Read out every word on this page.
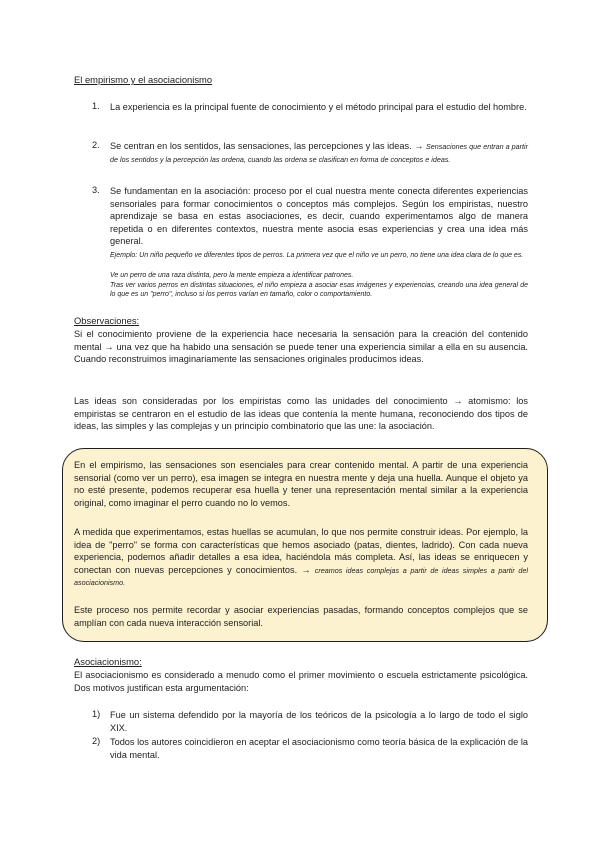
El empirismo y el asociacionismo
1. La experiencia es la principal fuente de conocimiento y el método principal para el estudio del hombre.
2. Se centran en los sentidos, las sensaciones, las percepciones y las ideas. → Sensaciones que entran a partir de los sentidos y la percepción las ordena, cuando las ordena se clasifican en forma de conceptos e ideas.
3. Se fundamentan en la asociación: proceso por el cual nuestra mente conecta diferentes experiencias sensoriales para formar conocimientos o conceptos más complejos. Según los empiristas, nuestro aprendizaje se basa en estas asociaciones, es decir, cuando experimentamos algo de manera repetida o en diferentes contextos, nuestra mente asocia esas experiencias y crea una idea más general.
Ejemplo: Un niño pequeño ve diferentes tipos de perros. La primera vez que el niño ve un perro, no tiene una idea clara de lo que es.
Ve un perro de una raza distinta, pero la mente empieza a identificar patrones.
Tras ver varios perros en distintas situaciones, el niño empieza a asociar esas imágenes y experiencias, creando una idea general de lo que es un "perro", incluso si los perros varían en tamaño, color o comportamiento.
Observaciones:
Si el conocimiento proviene de la experiencia hace necesaria la sensación para la creación del contenido mental → una vez que ha habido una sensación se puede tener una experiencia similar a ella en su ausencia. Cuando reconstruimos imaginariamente las sensaciones originales producimos ideas.
Las ideas son consideradas por los empiristas como las unidades del conocimiento → atomismo: los empiristas se centraron en el estudio de las ideas que contenía la mente humana, reconociendo dos tipos de ideas, las simples y las complejas y un principio combinatorio que las une: la asociación.
En el empirismo, las sensaciones son esenciales para crear contenido mental. A partir de una experiencia sensorial (como ver un perro), esa imagen se integra en nuestra mente y deja una huella. Aunque el objeto ya no esté presente, podemos recuperar esa huella y tener una representación mental similar a la experiencia original, como imaginar el perro cuando no lo vemos.
A medida que experimentamos, estas huellas se acumulan, lo que nos permite construir ideas. Por ejemplo, la idea de "perro" se forma con características que hemos asociado (patas, dientes, ladrido). Con cada nueva experiencia, podemos añadir detalles a esa idea, haciéndola más completa. Así, las ideas se enriquecen y conectan con nuevas percepciones y conocimientos. → creamos ideas complejas a partir de ideas simples a partir del asociacionismo.
Este proceso nos permite recordar y asociar experiencias pasadas, formando conceptos complejos que se amplían con cada nueva interacción sensorial.
Asociacionismo:
El asociacionismo es considerado a menudo como el primer movimiento o escuela estrictamente psicológica. Dos motivos justifican esta argumentación:
1) Fue un sistema defendido por la mayoría de los teóricos de la psicología a lo largo de todo el siglo XIX.
2) Todos los autores coincidieron en aceptar el asociacionismo como teoría básica de la explicación de la vida mental.
